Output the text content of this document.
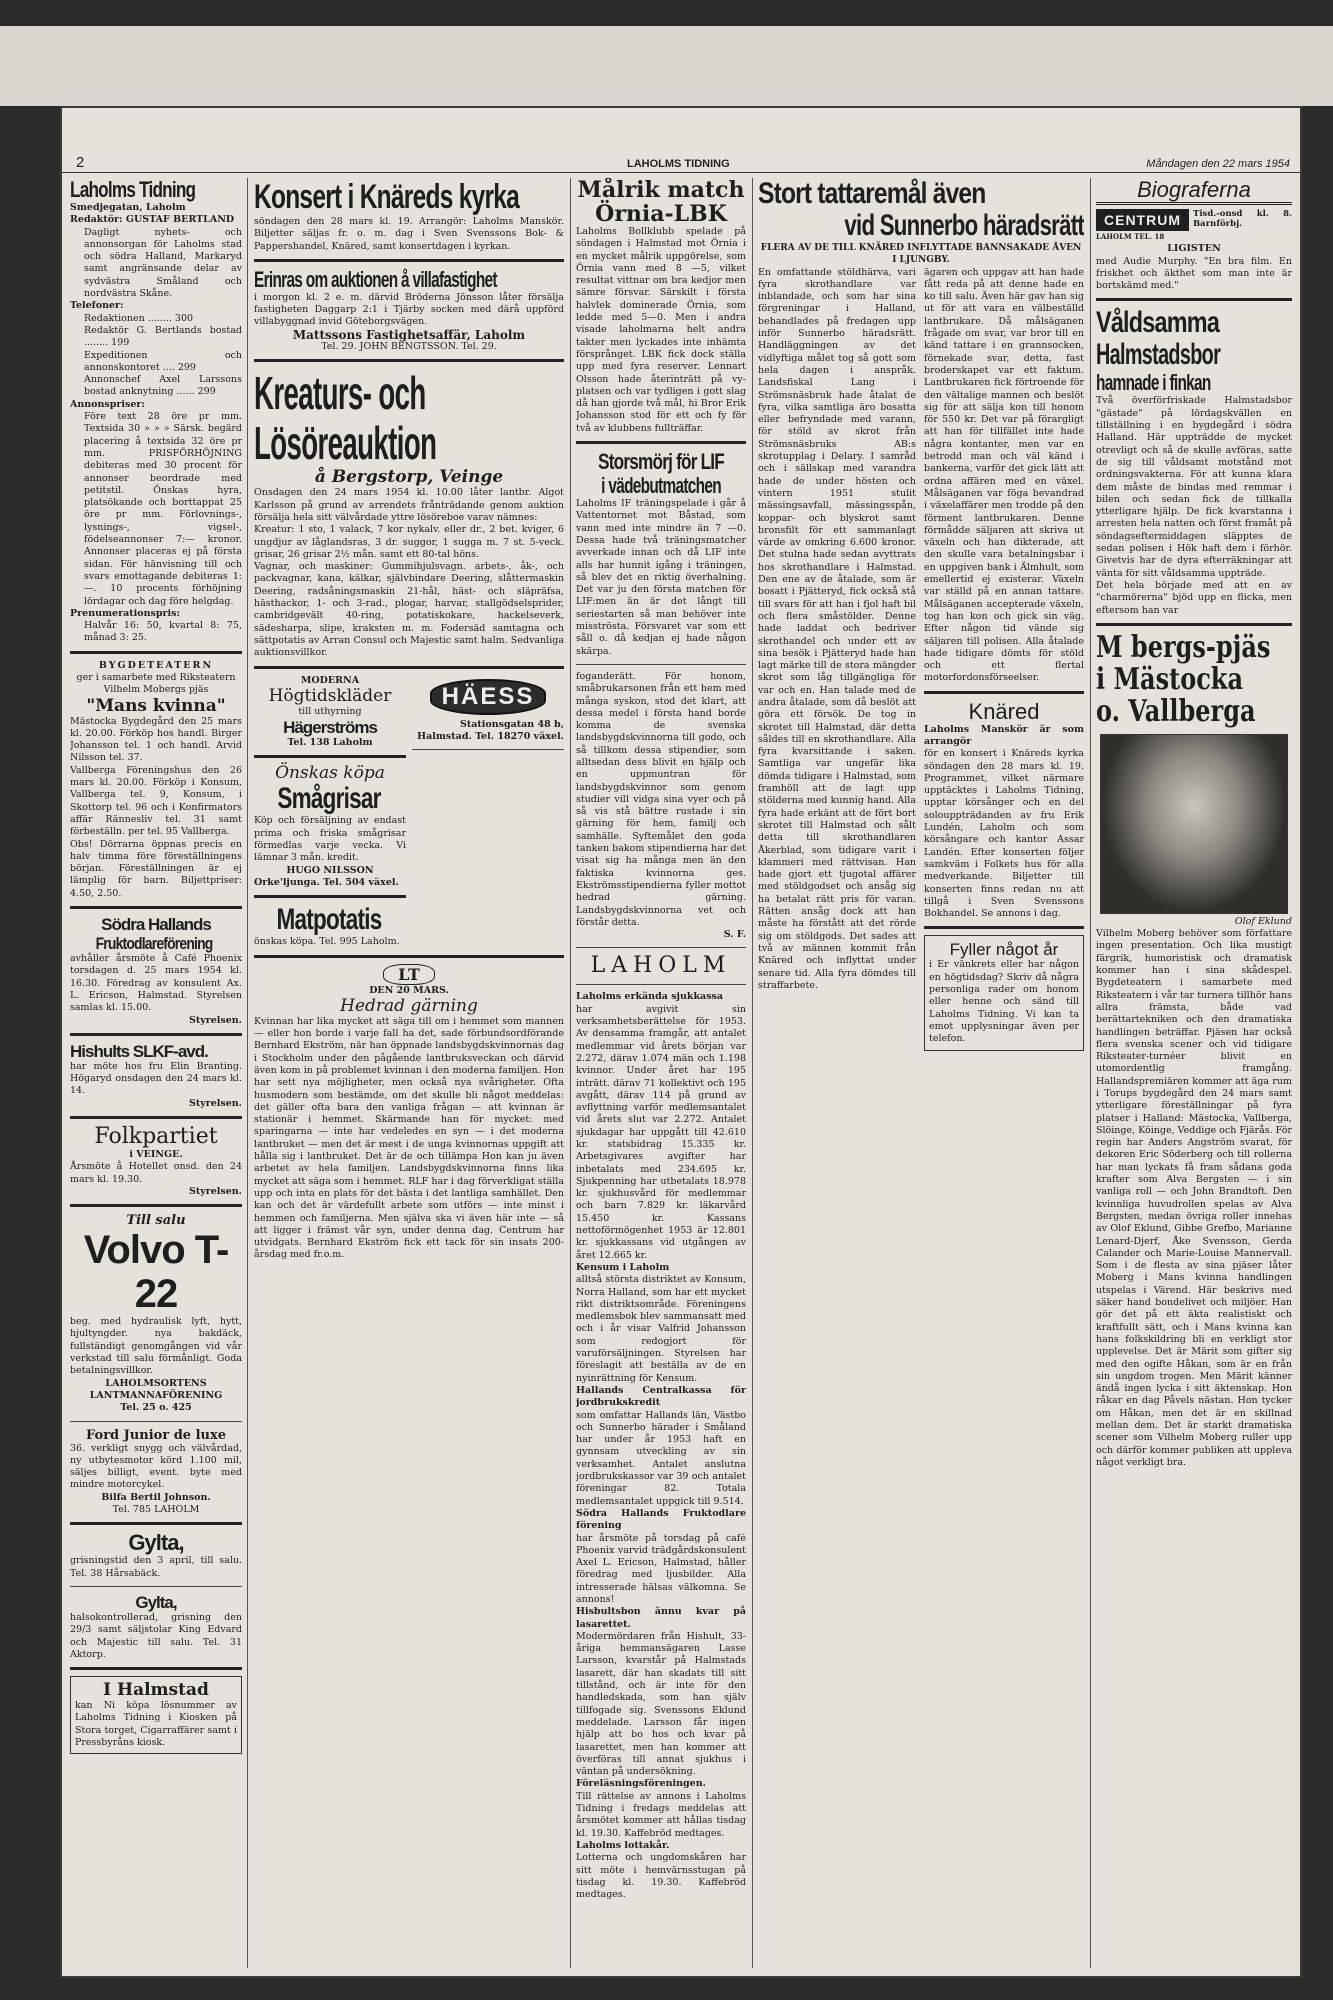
2	LAHOLMS TIDNING	Måndagen den 22 mars 1954
Laholms Tidning
Smedjegatan, Laholm
Redaktör: GUSTAF BERTLAND
Dagligt nyhets- och annonsorgan för Laholms stad och södra Halland, Markaryd samt angränsande delar av sydvästra Småland och nordvästra Skåne.
Telefoner:
Redaktionen ........ 300
Redaktör G. Bertlands bostad ........ 199
Expeditionen och annonskontoret .... 299
Annonschef Axel Larssons bostad anknytning ...... 299
Annonspriser:
Före text 28 öre pr mm. Textsida 30 » » » Särsk. begärd placering å textsida 32 öre pr mm. PRISFÖRHÖJNING debiteras med 30 procent för annonser beordrade med petitstil. Önskas hyra, platsökande och borttappat 25 öre pr mm. Förlovnings-, lysnings-, vigsel-, födelseannonser 7:— kronor. Annonser placeras ej på första sidan. För hänvisning till och svars emottagande debiteras 1:—. 10 procents förhöjning lördagar och dag före helgdag.
Prenumerationspris:
Halvår 16: 50, kvartal 8: 75, månad 3: 25.
BYGDETEATERN
ger i samarbete med Riksteatern Vilhelm Mobergs pjäs
"Mans kvinna"
Mästocka Bygdegård den 25 mars kl. 20.00. Förköp hos handl. Birger Johansson tel. 1 och handl. Arvid Nilsson tel. 37.
Vallberga Föreningshus den 26 mars kl. 20.00. Förköp i Konsum, Vallberga tel. 9, Konsum, i Skottorp tel. 96 och i Konfirmators affär Rännesliv tel. 31 samt förbeställn. per tel. 95 Vallberga.
Obs! Dörrarna öppnas precis en halv timma före föreställningens början. Föreställningen är ej lämplig för barn. Biljettpriser: 4.50, 2.50.
Södra Hallands
Fruktodlareförening
avhåller årsmöte å Café Phoenix torsdagen d. 25 mars 1954 kl. 16.30. Föredrag av konsulent Ax. L. Ericson, Halmstad. Styrelsen samlas kl. 15.00.
Styrelsen.
Hishults SLKF-avd.
har möte hos fru Elin Branting. Högaryd onsdagen den 24 mars kl. 14.
Styrelsen.
Folkpartiet
i VEINGE.
Årsmöte å Hotellet onsd. den 24 mars kl. 19.30.
Styrelsen.
Till salu
Volvo T-22
beg. med hydraulisk lyft, hytt, hjultyngder. nya bakdäck, fullständigt genomgången vid vår verkstad till salu förmånligt. Goda betalningsvillkor.
LAHOLMSORTENS LANTMANNAFÖRENING
Tel. 25 o. 425
Ford Junior de luxe
36. verkligt snygg och välvårdad, ny utbytesmotor körd 1.100 mil, säljes billigt, event. byte med mindre motorcykel.
Bilfa Bertil Johnson.
Tel. 785 LAHOLM
Gylta,
grisningstid den 3 april, till salu. Tel. 38 Hårsabäck.
Gylta,
halsokontrollerad, grisning den 29/3 samt säljstolar King Edvard och Majestic till salu. Tel. 31 Aktorp.
I Halmstad
kan Ni köpa lösnummer av Laholms Tidning i Kiosken på Stora torget, Cigarraffärer samt i Pressbyråns kiosk.
Konsert i Knäreds kyrka
söndagen den 28 mars kl. 19. Arrangör: Laholms Manskör. Biljetter säljas fr. o. m. dag i Sven Svenssons Bok- & Pappershandel, Knäred, samt konsertdagen i kyrkan.
Erinras om auktionen å villafastighet
i morgon kl. 2 e. m. därvid Bröderna Jönsson låter försälja fastigheten Daggarp 2:1 i Tjärby socken med därå uppförd villabyggnad invid Göteborgsvägen.
Mattssons Fastighetsaffär, Laholm
Tel. 29. JOHN BENGTSSON. Tel. 29.
Kreaturs- och Lösöreauktion
å Bergstorp, Veinge
Onsdagen den 24 mars 1954 kl. 10.00 låter lantbr. Algot Karlsson på grund av arrendets frånträdande genom auktion försälja hela sitt välvårdade yttre lösöreboe varav nämnes:
Kreatur: 1 sto, 1 valack, 7 kor nykalv. eller dr., 2 bet. kviger, 6 ungdjur av låglandsras, 3 dr. suggor, 1 sugga m. 7 st. 5-veck. grisar, 26 grisar 2½ mån. samt ett 80-tal höns.
Vagnar, och maskiner: Gummihjulsvagn. arbets-, åk-, och packvagnar, kana, kälkar, självbindare Deering, slåttermaskin Deering, radsåningsmaskin 21-hål, häst- och släpräfsa, hästhackor, 1- och 3-rad., plogar, harvar, stallgödselsprider, cambridgevält 40-ring, potatiskokare, hackelseverk, sädesharpa, slipe, kraksten m. m. Fodersäd samtagna och sättpotatis av Arran Consul och Majestic samt halm. Sedvanliga auktionsvillkor.
MODERNA
Högtidskläder
till uthyrning
Hägerströms
Tel. 138 Laholm
Önskas köpa
Smågrisar
Köp och försäljning av endast prima och friska smågrisar förmedlas varje vecka. Vi lämnar 3 mån. kredit.
HUGO NILSSON
Orke'ljunga. Tel. 504 växel.
Matpotatis
önskas köpa. Tel. 995 Laholm.
HÄESS
Stationsgatan 48 b, Halmstad. Tel. 18270 växel.
LT
DEN 20 MARS.
Hedrad gärning
Kvinnan har lika mycket att säga till om i hemmet som mannen — eller hon borde i varje fall ha det, sade förbundsordförande Bernhard Ekström, när han öppnade landsbygdskvinnornas dag i Stockholm under den pågående lantbruksveckan och därvid även kom in på problemet kvinnan i den moderna familjen. Hon har sett nya möjligheter, men också nya svårigheter. Ofta husmodern som bestämde, om det skulle bli något meddelas: det gäller ofta bara den vanliga frågan — att kvinnan är stationär i hemmet. Skärmande han för mycket: med sparingarna — inte har vedeledes en syn — i det moderna lantbruket — men det är mest i de unga kvinnornas uppgift att hålla sig i lantbruket. Det är de och tillämpa Hon kan ju även arbetet av hela familjen. Landsbygdskvinnorna finns lika mycket att säga som i hemmet. RLF har i dag förverkligat ställa upp och inta en plats för det bästa i det lantliga samhället. Den kan och det är värdefullt arbete som utförs — inte minst i hemmen och familjerna. Men själva ska vi även här inte — så att ligger i främst vår syn, under denna dag. Centrum har utvidgats. Bernhard Ekström fick ett tack för sin insats 200-årsdag med fr.o.m.
Målrik match
Örnia-LBK
Laholms Bollklubb spelade på söndagen i Halmstad mot Örnia i en mycket målrik uppgörelse, som Örnia vann med 8 —5, vilket resultat vittnar om bra kedjor men sämre försvar. Särskilt i första halvlek dominerade Örnia, som ledde med 5—0. Men i andra visade laholmarna helt andra takter men lyckades inte inhämta försprånget. LBK fick dock ställa upp med fyra reserver. Lennart Olsson hade återinträtt på vy-platsen och var tydligen i gott slag då han gjorde två mål, hi Bror Erik Johansson stod för ett och fy för två av klubbens fullträffar.
Storsmörj för LIF
i vädebutmatchen
Laholms IF träningspelade i går å Vattentornet mot Båstad, som vann med inte mindre än 7 —0. Dessa hade två träningsmatcher avverkade innan och då LIF inte alls har hunnit igång i träningen, så blev det en riktig överhalning. Det var ju den första matchen för LIF:men än är det långt till seriestarten så man behöver inte misströsta. Försvaret var som ett såll o. då kedjan ej hade någon skärpa.
foganderätt. För honom, småbrukarsonen från ett hem med många syskon, stod det klart, att dessa medel i första hand borde komma de svenska landsbygdskvinnorna till godo, och så tillkom dessa stipendier, som alltsedan dess blivit en hjälp och en uppmuntran för landsbygdskvinnor som genom studier vill vidga sina vyer och på så vis stå bättre rustade i sin gärning för hem, familj och samhälle. Syftemålet den goda tanken bakom stipendierna har det visat sig ha många men än den faktiska kvinnorna ges. Ekströmsstipendierna fyller mottot hedrad gärning. Landsbygdskvinnorna vet och förstår detta.
S. F.
LAHOLM
Laholms erkända sjukkassa
har avgivit sin verksamhetsberättelse för 1953. Av densamma framgår, att antalet medlemmar vid årets början var 2.272, därav 1.074 män och 1.198 kvinnor. Under året har 195 inträtt. därav 71 kollektivt och 195 avgått, därav 114 på grund av avflyttning varför medlemsantalet vid årets slut var 2.272. Antalet sjukdagar har uppgått till 42.610 kr. statsbidrag 15.335 kr. Arbetsgivares avgifter har inbetalats med 234.695 kr. Sjukpenning har utbetalats 18.978 kr. sjukhusvård för medlemmar och barn 7.829 kr. läkarvård 15.450 kr. Kassans nettoförmögenhet 1953 är 12.801 kr. sjukkassans vid utgången av året 12.665 kr.
Kensum i Laholm
alltså största distriktet av Konsum, Norra Halland, som har ett mycket rikt distriktsområde. Föreningens medlemsbok blev sammansatt med och i år visar Valfrid Johansson som redogjort för varuförsäljningen. Styrelsen har föreslagit att beställa av de en nyinrättning för Kensum.
Hallands Centralkassa för jordbrukskredit
som omfattar Hallands län, Västbo och Sunnerbo härader i Småland har under år 1953 haft en gynnsam utveckling av sin verksamhet. Antalet anslutna jordbrukskassor var 39 och antalet föreningar 82. Totala medlemsantalet uppgick till 9.514.
Södra Hallands Fruktodlare förening
har årsmöte på torsdag på café Phoenix varvid trädgårdskonsulent Axel L. Ericson, Halmstad, håller föredrag med ljusbilder. Alla intresserade hälsas välkomna. Se annons!
Hisbultsbon ännu kvar på lasarettet.
Modermördaren från Hishult, 33-åriga hemmansägaren Lasse Larsson, kvarstår på Halmstads lasarett, där han skadats till sitt tillstånd, och är inte för den handledskada, som han själv tillfogade sig. Svenssons Eklund meddelade. Larsson får ingen hjälp att bo hos och kvar på lasarettet, men han kommer att överföras till annat sjukhus i väntan på undersökning.
Föreläsningsföreningen.
Till rättelse av annons i Laholms Tidning i fredags meddelas att årsmötet kommer att hållas tisdag kl. 19.30. Kaffebröd medtages.
Laholms lottakår.
Lotterna och ungdomskåren har sitt möte i hemvärnsstugan på tisdag kl. 19.30. Kaffebröd medtages.
Stort tattaremål även
vid Sunnerbo häradsrätt
FLERA AV DE TILL KNÄRED INFLYTTADE BANNSAKADE ÅVEN I LJUNGBY.
En omfattande stöldhärva, vari fyra skrothandlare var inblandade, och som har sina förgreningar i Halland, behandlades på fredagen upp inför Sunnerbo häradsrätt. Handläggningen av det vidlyftiga målet tog så gott som hela dagen i anspråk. Landsfiskal Lang i Strömsnäsbruk hade åtalat de fyra, vilka samtliga äro bosatta eller befryndade med varann, för stöld av skrot från Strömsnäsbruks AB:s skrotupplag i Delary. I samråd och i sällskap med varandra hade de under hösten och vintern 1951 stulit mässingsavfall, mässingsspån, koppar- och blyskrot samt bronsfilt för ett sammanlagt värde av omkring 6.600 kronor. Det stulna hade sedan avyttrats hos skrothandlare i Halmstad. Den ene av de åtalade, som är bosatt i Pjätteryd, fick också stå till svars för att han i fjol haft bil och flera småstölder. Denne hade laddat och bedriver skrothandel och under ett av sina besök i Pjätteryd hade han lagt märke till de stora mängder skrot som låg tillgängliga för var och en. Han talade med de andra åtalade, som då beslöt att göra ett försök. De tog in skrotet till Halmstad, där detta såldes till en skrothandlare. Alla fyra kvarsittande i saken. Samtliga var ungefär lika dömda tidigare i Halmstad, som framhöll att de lagt upp stölderna med kunnig hand. Alla fyra hade erkänt att de fört bort skrotet till Halmstad och sålt detta till skrothandlaren Åkerblad, som tidigare varit i klammeri med rättvisan. Han hade gjort ett tjugotal affärer med stöldgodset och ansåg sig ha betalat rätt pris för varan. Rätten ansåg dock att han måste ha förstått att det rörde sig om stöldgods. Det sades att två av männen kommit från Knäred och inflyttat under senare tid. Alla fyra dömdes till straffarbete.
ägaren och uppgav att han hade fått reda på att denne hade en ko till salu. Även här gav han sig ut för att vara en välbeställd lantbrukare. Då målsäganen frågade om svar, var bror till en känd tattare i en grannsocken, förnekade svar, detta, fast broderskapet var ett faktum. Lantbrukaren fick förtroende för den vältalige mannen och beslöt sig för att sälja kon till honom för 550 kr. Det var på förargligt att han för tillfället inte hade några kontanter, men var en betrodd man och väl känd i bankerna, varför det gick lätt att ordna affären med en växel. Målsäganen var föga bevandrad i växelaffärer men trodde på den förment lantbrukaren. Denne förmådde säljaren att skriva ut växeln och han dikterade, att den skulle vara betalningsbar i en uppgiven bank i Älmhult, som emellertid ej existerar. Växeln var ställd på en annan tattare. Målsäganen accepterade växeln, tog han kon och gick sin väg. Efter någon tid vände sig säljaren till polisen. Alla åtalade hade tidigare dömts för stöld och ett flertal motorfordonsförseelser.
Knäred
Laholms Manskör är som arrangör
för en konsert i Knäreds kyrka söndagen den 28 mars kl. 19. Programmet, vilket närmare upptäcktes i Laholms Tidning, upptar körsånger och en del solouppträdanden av fru Erik Lundén, Laholm och som körsångare och kantor Assar Landén. Efter konserten följer samkväm i Folkets hus för alla medverkande. Biljetter till konserten finns redan nu att tillgå i Sven Svenssons Bokhandel. Se annons i dag.
Fyller något år
i Er vänkrets eller har någon en högtidsdag? Skriv då några personliga rader om honom eller henne och sänd till Laholms Tidning. Vi kan ta emot upplysningar även per telefon.
Biograferna
CENTRUM
LAHOLM TEL. 18
Tisd.-onsd kl. 8. Barnförbj.
LIGISTEN
med Audie Murphy. "En bra film. En friskhet och äkthet som man inte är bortskämd med."
Våldsamma
Halmstadsbor
hamnade i finkan
Två överförfriskade Halmstadsbor "gästade" på lördagskvällen en tillställning i en bygdegård i södra Halland. Här uppträdde de mycket otrevligt och så de skulle avföras, satte de sig till våldsamt motstånd mot ordningsvakterna. För att kunna klara dem måste de bindas med remmar i bilen och sedan fick de tillkalla ytterligare hjälp. De fick kvarstanna i arresten hela natten och först framåt på söndagseftermiddagen släpptes de sedan polisen i Hök haft dem i förhör. Givetvis har de dyra efterräkningar att vänta för sitt våldsamma uppträde.
Det hela började med att en av "charmörerna" bjöd upp en flicka, men eftersom han var
M bergs-pjäs
i Mästocka
o. Vallberga
Olof Eklund
Vilhelm Moberg behöver som författare ingen presentation. Och lika mustigt färgrik, humoristisk och dramatisk kommer han i sina skådespel. Bygdeteatern i samarbete med Riksteatern i vår tar turnera tillhör hans allra främsta, både vad berättartekniken och den dramatiska handlingen beträffar. Pjäsen har också flera svenska scener och vid tidigare Riksteater-turnéer blivit en utomordentlig framgång. Hallandspremiären kommer att äga rum i Torups bygdegård den 24 mars samt ytterligare föreställningar på fyra platser i Halland: Mästocka, Vallberga, Slöinge, Köinge, Veddige och Fjärås. För regin har Anders Angström svarat, för dekoren Eric Söderberg och till rollerna har man lyckats få fram sådana goda krafter som Alva Bergsten — i sin vanliga roll — och John Brandtoft. Den kvinnliga huvudrollen spelas av Alva Bergsten, medan övriga roller innehas av Olof Eklund, Gibbe Grefbo, Marianne Lenard-Djerf, Åke Svensson, Gerda Calander och Marie-Louise Mannervall. Som i de flesta av sina pjäser låter Moberg i Mans kvinna handlingen utspelas i Värend. Här beskrivs med säker hand bondelivet och miljöer. Han gör det på ett äkta realistiskt och kraftfullt sätt, och i Mans kvinna kan hans folkskildring bli en verkligt stor upplevelse. Det är Märit som gifter sig med den ogifte Håkan, som är en från sin ungdom trogen. Men Märit känner ändå ingen lycka i sitt äktenskap. Hon råkar en dag Påvels nästan. Hon tycker om Håkan, men det är en skillnad mellan dem. Det är starkt dramatiska scener som Vilhelm Moberg ruller upp och därför kommer publiken att uppleva något verkligt bra.
